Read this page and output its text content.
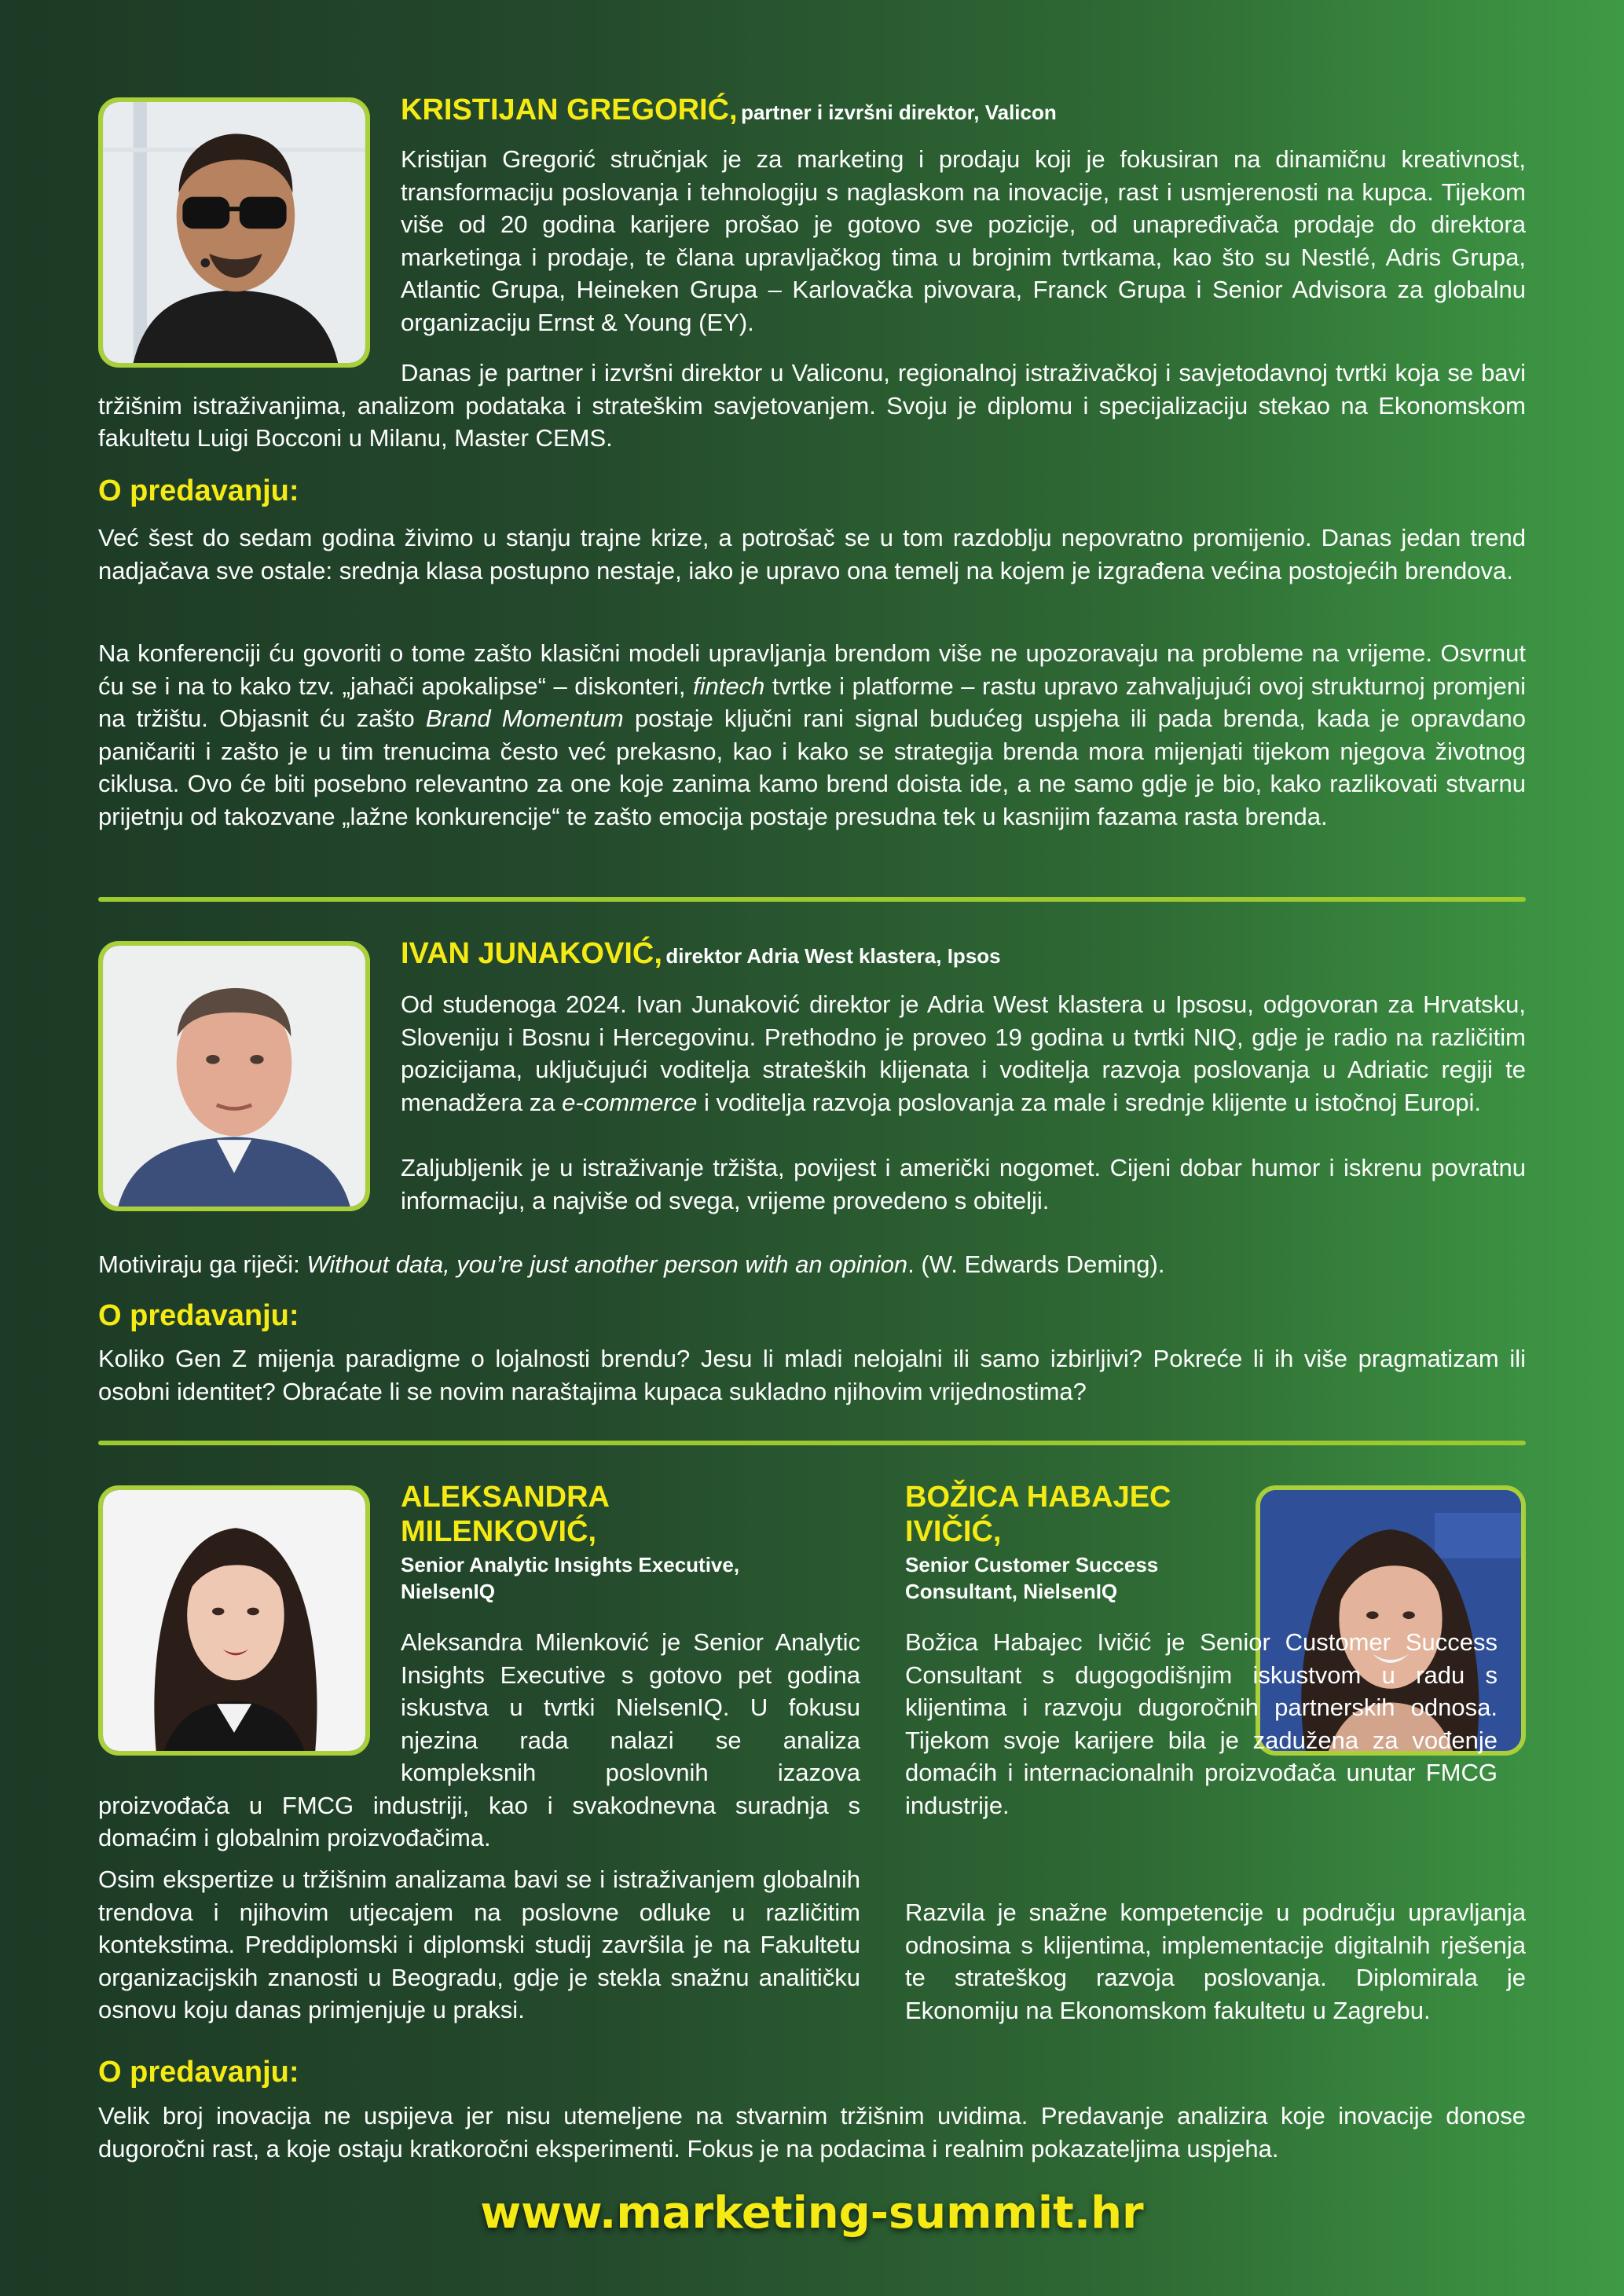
KRISTIJAN GREGORIĆ, partner i izvršni direktor, Valicon

Kristijan Gregorić stručnjak je za marketing i prodaju koji je fokusiran na dinamičnu kreativnost, transformaciju poslovanja i tehnologiju s naglaskom na inovacije, rast i usmjerenosti na kupca. Tijekom više od 20 godina karijere prošao je gotovo sve pozicije, od unapređivača prodaje do direktora marketinga i prodaje, te člana upravljačkog tima u brojnim tvrtkama, kao što su Nestlé, Adris Grupa, Atlantic Grupa, Heineken Grupa – Karlovačka pivovara, Franck Grupa i Senior Advisora za globalnu organizaciju Ernst & Young (EY).

Danas je partner i izvršni direktor u Valiconu, regionalnoj istraživačkoj i savjetodavnoj tvrtki koja se bavi tržišnim istraživanjima, analizom podataka i strateškim savjetovanjem. Svoju je diplomu i specijalizaciju stekao na Ekonomskom fakultetu Luigi Bocconi u Milanu, Master CEMS.

O predavanju:

Već šest do sedam godina živimo u stanju trajne krize, a potrošač se u tom razdoblju nepovratno promijenio. Danas jedan trend nadjačava sve ostale: srednja klasa postupno nestaje, iako je upravo ona temelj na kojem je izgrađena većina postojećih brendova.

Na konferenciji ću govoriti o tome zašto klasični modeli upravljanja brendom više ne upozoravaju na probleme na vrijeme. Osvrnut ću se i na to kako tzv. „jahači apokalipse“ – diskonteri, fintech tvrtke i platforme – rastu upravo zahvaljujući ovoj strukturnoj promjeni na tržištu. Objasnit ću zašto Brand Momentum postaje ključni rani signal budućeg uspjeha ili pada brenda, kada je opravdano paničariti i zašto je u tim trenucima često već prekasno, kao i kako se strategija brenda mora mijenjati tijekom njegova životnog ciklusa. Ovo će biti posebno relevantno za one koje zanima kamo brend doista ide, a ne samo gdje je bio, kako razlikovati stvarnu prijetnju od takozvane „lažne konkurencije“ te zašto emocija postaje presudna tek u kasnijim fazama rasta brenda.

IVAN JUNAKOVIĆ, direktor Adria West klastera, Ipsos

Od studenoga 2024. Ivan Junaković direktor je Adria West klastera u Ipsosu, odgovoran za Hrvatsku, Sloveniju i Bosnu i Hercegovinu. Prethodno je proveo 19 godina u tvrtki NIQ, gdje je radio na različitim pozicijama, uključujući voditelja strateških klijenata i voditelja razvoja poslovanja u Adriatic regiji te menadžera za e-commerce i voditelja razvoja poslovanja za male i srednje klijente u istočnoj Europi.

Zaljubljenik je u istraživanje tržišta, povijest i američki nogomet. Cijeni dobar humor i iskrenu povratnu informaciju, a najviše od svega, vrijeme provedeno s obitelji.

Motiviraju ga riječi: Without data, you’re just another person with an opinion. (W. Edwards Deming).

O predavanju:

Koliko Gen Z mijenja paradigme o lojalnosti brendu? Jesu li mladi nelojalni ili samo izbirljivi? Pokreće li ih više pragmatizam ili osobni identitet? Obraćate li se novim naraštajima kupaca sukladno njihovim vrijednostima?

ALEKSANDRA
MILENKOVIĆ,
Senior Analytic Insights Executive,
NielsenIQ

Aleksandra Milenković je Senior Analytic Insights Executive s gotovo pet godina iskustva u tvrtki NielsenIQ. U fokusu njezina rada nalazi se analiza kompleksnih poslovnih izazova proizvođača u FMCG industriji, kao i svakodnevna suradnja s domaćim i globalnim proizvođačima.

Osim ekspertize u tržišnim analizama bavi se i istraživanjem globalnih trendova i njihovim utjecajem na poslovne odluke u različitim kontekstima. Preddiplomski i diplomski studij završila je na Fakultetu organizacijskih znanosti u Beogradu, gdje je stekla snažnu analitičku osnovu koju danas primjenjuje u praksi.

BOŽICA HABAJEC
IVIČIĆ,
Senior Customer Success
Consultant, NielsenIQ

Božica Habajec Ivičić je Senior Customer Success Consultant s dugogodišnjim iskustvom u radu s klijentima i razvoju dugoročnih partnerskih odnosa. Tijekom svoje karijere bila je zadužena za vođenje domaćih i internacionalnih proizvođača unutar FMCG industrije.

Razvila je snažne kompetencije u području upravljanja odnosima s klijentima, implementacije digitalnih rješenja te strateškog razvoja poslovanja. Diplomirala je Ekonomiju na Ekonomskom fakultetu u Zagrebu.

O predavanju:

Velik broj inovacija ne uspijeva jer nisu utemeljene na stvarnim tržišnim uvidima. Predavanje analizira koje inovacije donose dugoročni rast, a koje ostaju kratkoročni eksperimenti. Fokus je na podacima i realnim pokazateljima uspjeha.

www.marketing-summit.hr
